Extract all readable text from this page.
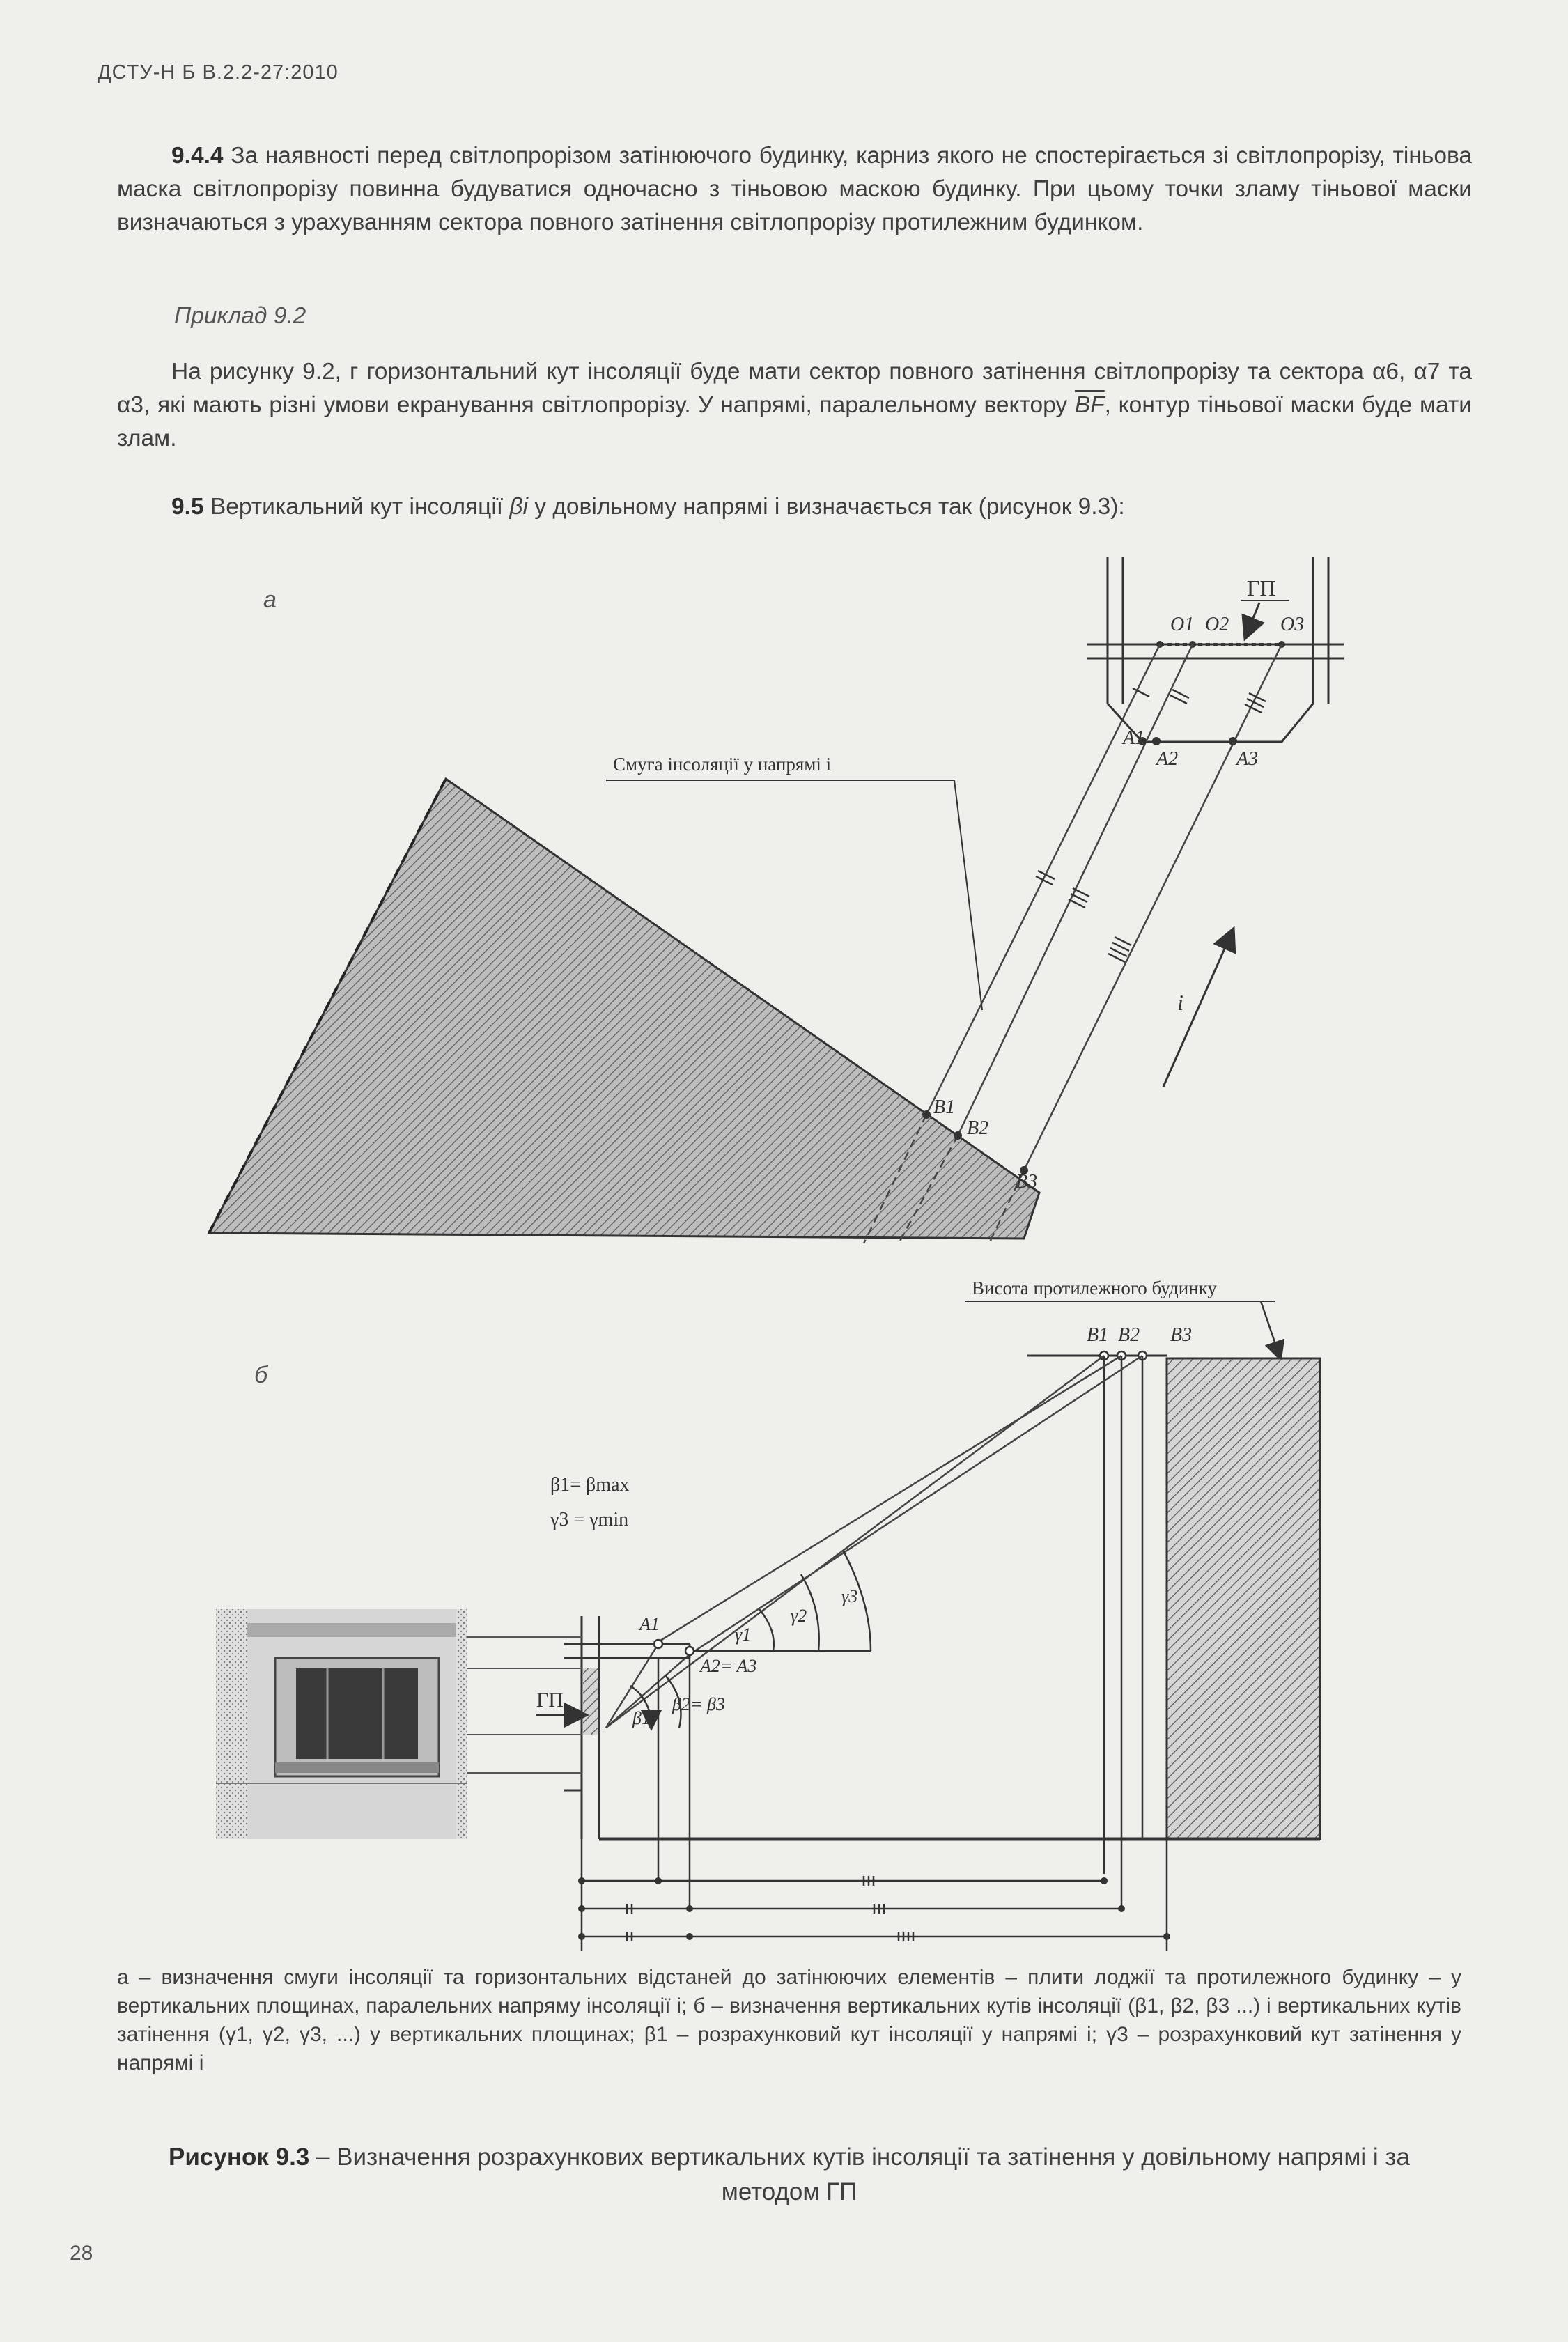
ДСТУ-Н Б В.2.2-27:2010
9.4.4 За наявності перед світлопрорізом затінюючого будинку, карниз якого не спостерігається зі світлопрорізу, тіньова маска світлопрорізу повинна будуватися одночасно з тіньовою маскою будинку. При цьому точки зламу тіньової маски визначаються з урахуванням сектора повного затінення світлопрорізу протилежним будинком.
Приклад 9.2
На рисунку 9.2, г горизонтальний кут інсоляції буде мати сектор повного затінення світлопрорізу та сектора α6, α7 та α3, які мають різні умови екранування світлопрорізу. У напрямі, паралельному вектору $\overline{BF}$, контур тіньової маски буде мати злам.
9.5 Вертикальний кут інсоляції βi у довільному напрямі і визначається так (рисунок 9.3):
а	ГП
O1 O2	O3
A1
A2	A3
B1
B2
B3
Смуга інсоляції у напрямі i
i
б
Висота протилежного будинку
B1 B2 B3
β1= βmax
γ3 = γmin
γ1
γ2
γ3
A1
A2= A3
β1
β2= β3
ГП
а – визначення смуги інсоляції та горизонтальних відстаней до затінюючих елементів – плити лоджії та протилежного будинку – у вертикальних площинах, паралельних напряму інсоляції і; б – визначення вертикальних кутів інсоляції (β1, β2, β3 ...) і вертикальних кутів затінення (γ1, γ2, γ3, ...) у вертикальних площинах; β1 – розрахунковий кут інсоляції у напрямі і; γ3 – розрахунковий кут затінення у напрямі і
Рисунок 9.3 – Визначення розрахункових вертикальних кутів інсоляції та затінення у довільному напрямі і за методом ГП
28
